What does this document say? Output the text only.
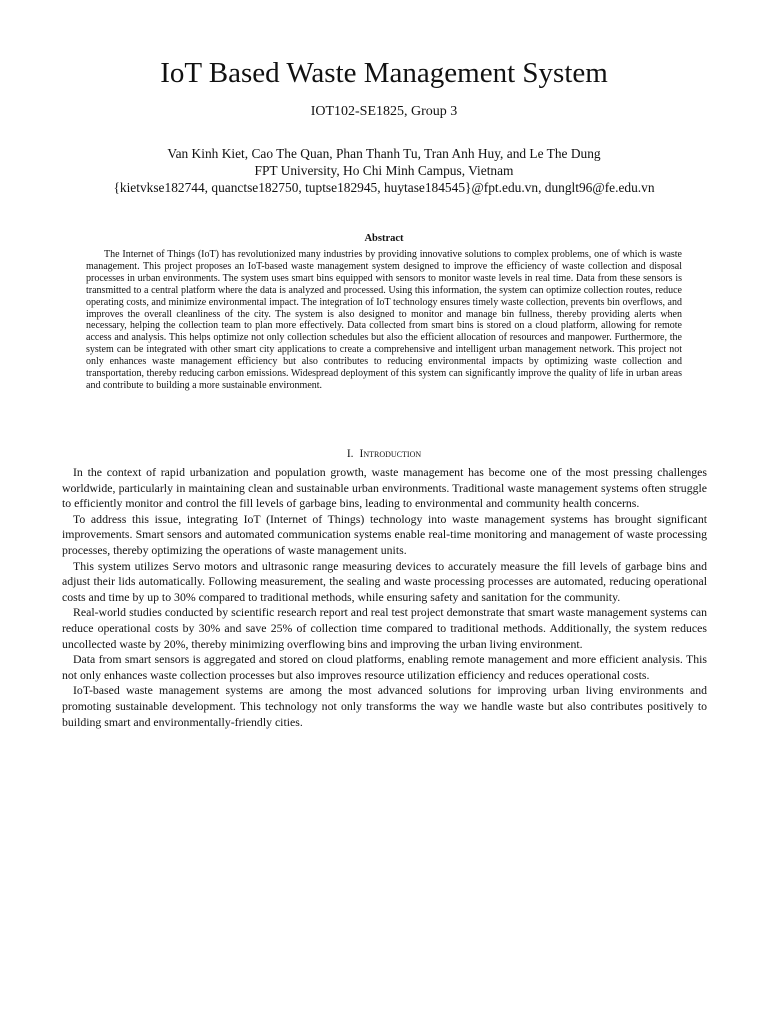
IoT Based Waste Management System
IOT102-SE1825, Group 3
Van Kinh Kiet, Cao The Quan, Phan Thanh Tu, Tran Anh Huy, and Le The Dung
FPT University, Ho Chi Minh Campus, Vietnam
{kietvkse182744, quanctse182750, tuptse182945, huytase184545}@fpt.edu.vn, dunglt96@fe.edu.vn
Abstract
The Internet of Things (IoT) has revolutionized many industries by providing innovative solutions to complex problems, one of which is waste management. This project proposes an IoT-based waste management system designed to improve the efficiency of waste collection and disposal processes in urban environments. The system uses smart bins equipped with sensors to monitor waste levels in real time. Data from these sensors is transmitted to a central platform where the data is analyzed and processed. Using this information, the system can optimize collection routes, reduce operating costs, and minimize environmental impact. The integration of IoT technology ensures timely waste collection, prevents bin overflows, and improves the overall cleanliness of the city. The system is also designed to monitor and manage bin fullness, thereby providing alerts when necessary, helping the collection team to plan more effectively. Data collected from smart bins is stored on a cloud platform, allowing for remote access and analysis. This helps optimize not only collection schedules but also the efficient allocation of resources and manpower. Furthermore, the system can be integrated with other smart city applications to create a comprehensive and intelligent urban management network. This project not only enhances waste management efficiency but also contributes to reducing environmental impacts by optimizing waste collection and transportation, thereby reducing carbon emissions. Widespread deployment of this system can significantly improve the quality of life in urban areas and contribute to building a more sustainable environment.
I. Introduction

In the context of rapid urbanization and population growth, waste management has become one of the most pressing challenges worldwide, particularly in maintaining clean and sustainable urban environments. Traditional waste management systems often struggle to efficiently monitor and control the fill levels of garbage bins, leading to environmental and community health concerns.

To address this issue, integrating IoT (Internet of Things) technology into waste management systems has brought significant improvements. Smart sensors and automated communication systems enable real-time monitoring and management of waste processing processes, thereby optimizing the operations of waste management units.

This system utilizes Servo motors and ultrasonic range measuring devices to accurately measure the fill levels of garbage bins and adjust their lids automatically. Following measurement, the sealing and waste processing processes are automated, reducing operational costs and time by up to 30% compared to traditional methods, while ensuring safety and sanitation for the community.

Real-world studies conducted by scientific research report and real test project demonstrate that smart waste management systems can reduce operational costs by 30% and save 25% of collection time compared to traditional methods. Additionally, the system reduces uncollected waste by 20%, thereby minimizing overflowing bins and improving the urban living environment.

Data from smart sensors is aggregated and stored on cloud platforms, enabling remote management and more efficient analysis. This not only enhances waste collection processes but also improves resource utilization efficiency and reduces operational costs.

IoT-based waste management systems are among the most advanced solutions for improving urban living environments and promoting sustainable development. This technology not only transforms the way we handle waste but also contributes positively to building smart and environmentally-friendly cities.
